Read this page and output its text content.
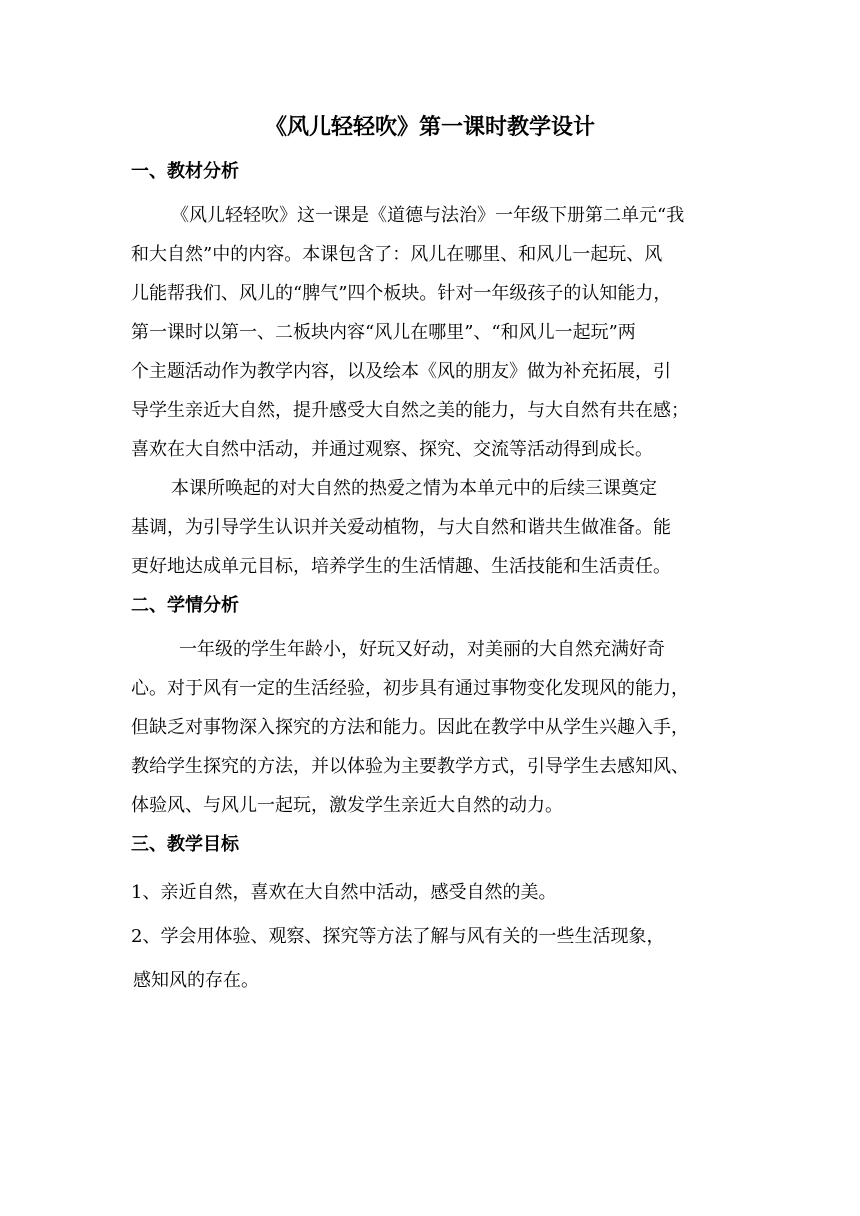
《风儿轻轻吹》第一课时教学设计
一、教材分析

《风儿轻轻吹》这一课是《道德与法治》一年级下册第二单元“我
和大自然”中的内容。本课包含了：风儿在哪里、和风儿一起玩、风
儿能帮我们、风儿的“脾气”四个板块。针对一年级孩子的认知能力，
第一课时以第一、二板块内容“风儿在哪里”、“和风儿一起玩”两
个主题活动作为教学内容，以及绘本《风的朋友》做为补充拓展，引
导学生亲近大自然，提升感受大自然之美的能力，与大自然有共在感；
喜欢在大自然中活动，并通过观察、探究、交流等活动得到成长。

本课所唤起的对大自然的热爱之情为本单元中的后续三课奠定
基调，为引导学生认识并关爱动植物，与大自然和谐共生做准备。能
更好地达成单元目标，培养学生的生活情趣、生活技能和生活责任。

二、学情分析

一年级的学生年龄小，好玩又好动，对美丽的大自然充满好奇
心。对于风有一定的生活经验，初步具有通过事物变化发现风的能力，
但缺乏对事物深入探究的方法和能力。因此在教学中从学生兴趣入手，
教给学生探究的方法，并以体验为主要教学方式，引导学生去感知风、
体验风、与风儿一起玩，激发学生亲近大自然的动力。

三、教学目标
1、亲近自然，喜欢在大自然中活动，感受自然的美。
2、学会用体验、观察、探究等方法了解与风有关的一些生活现象，
感知风的存在。
